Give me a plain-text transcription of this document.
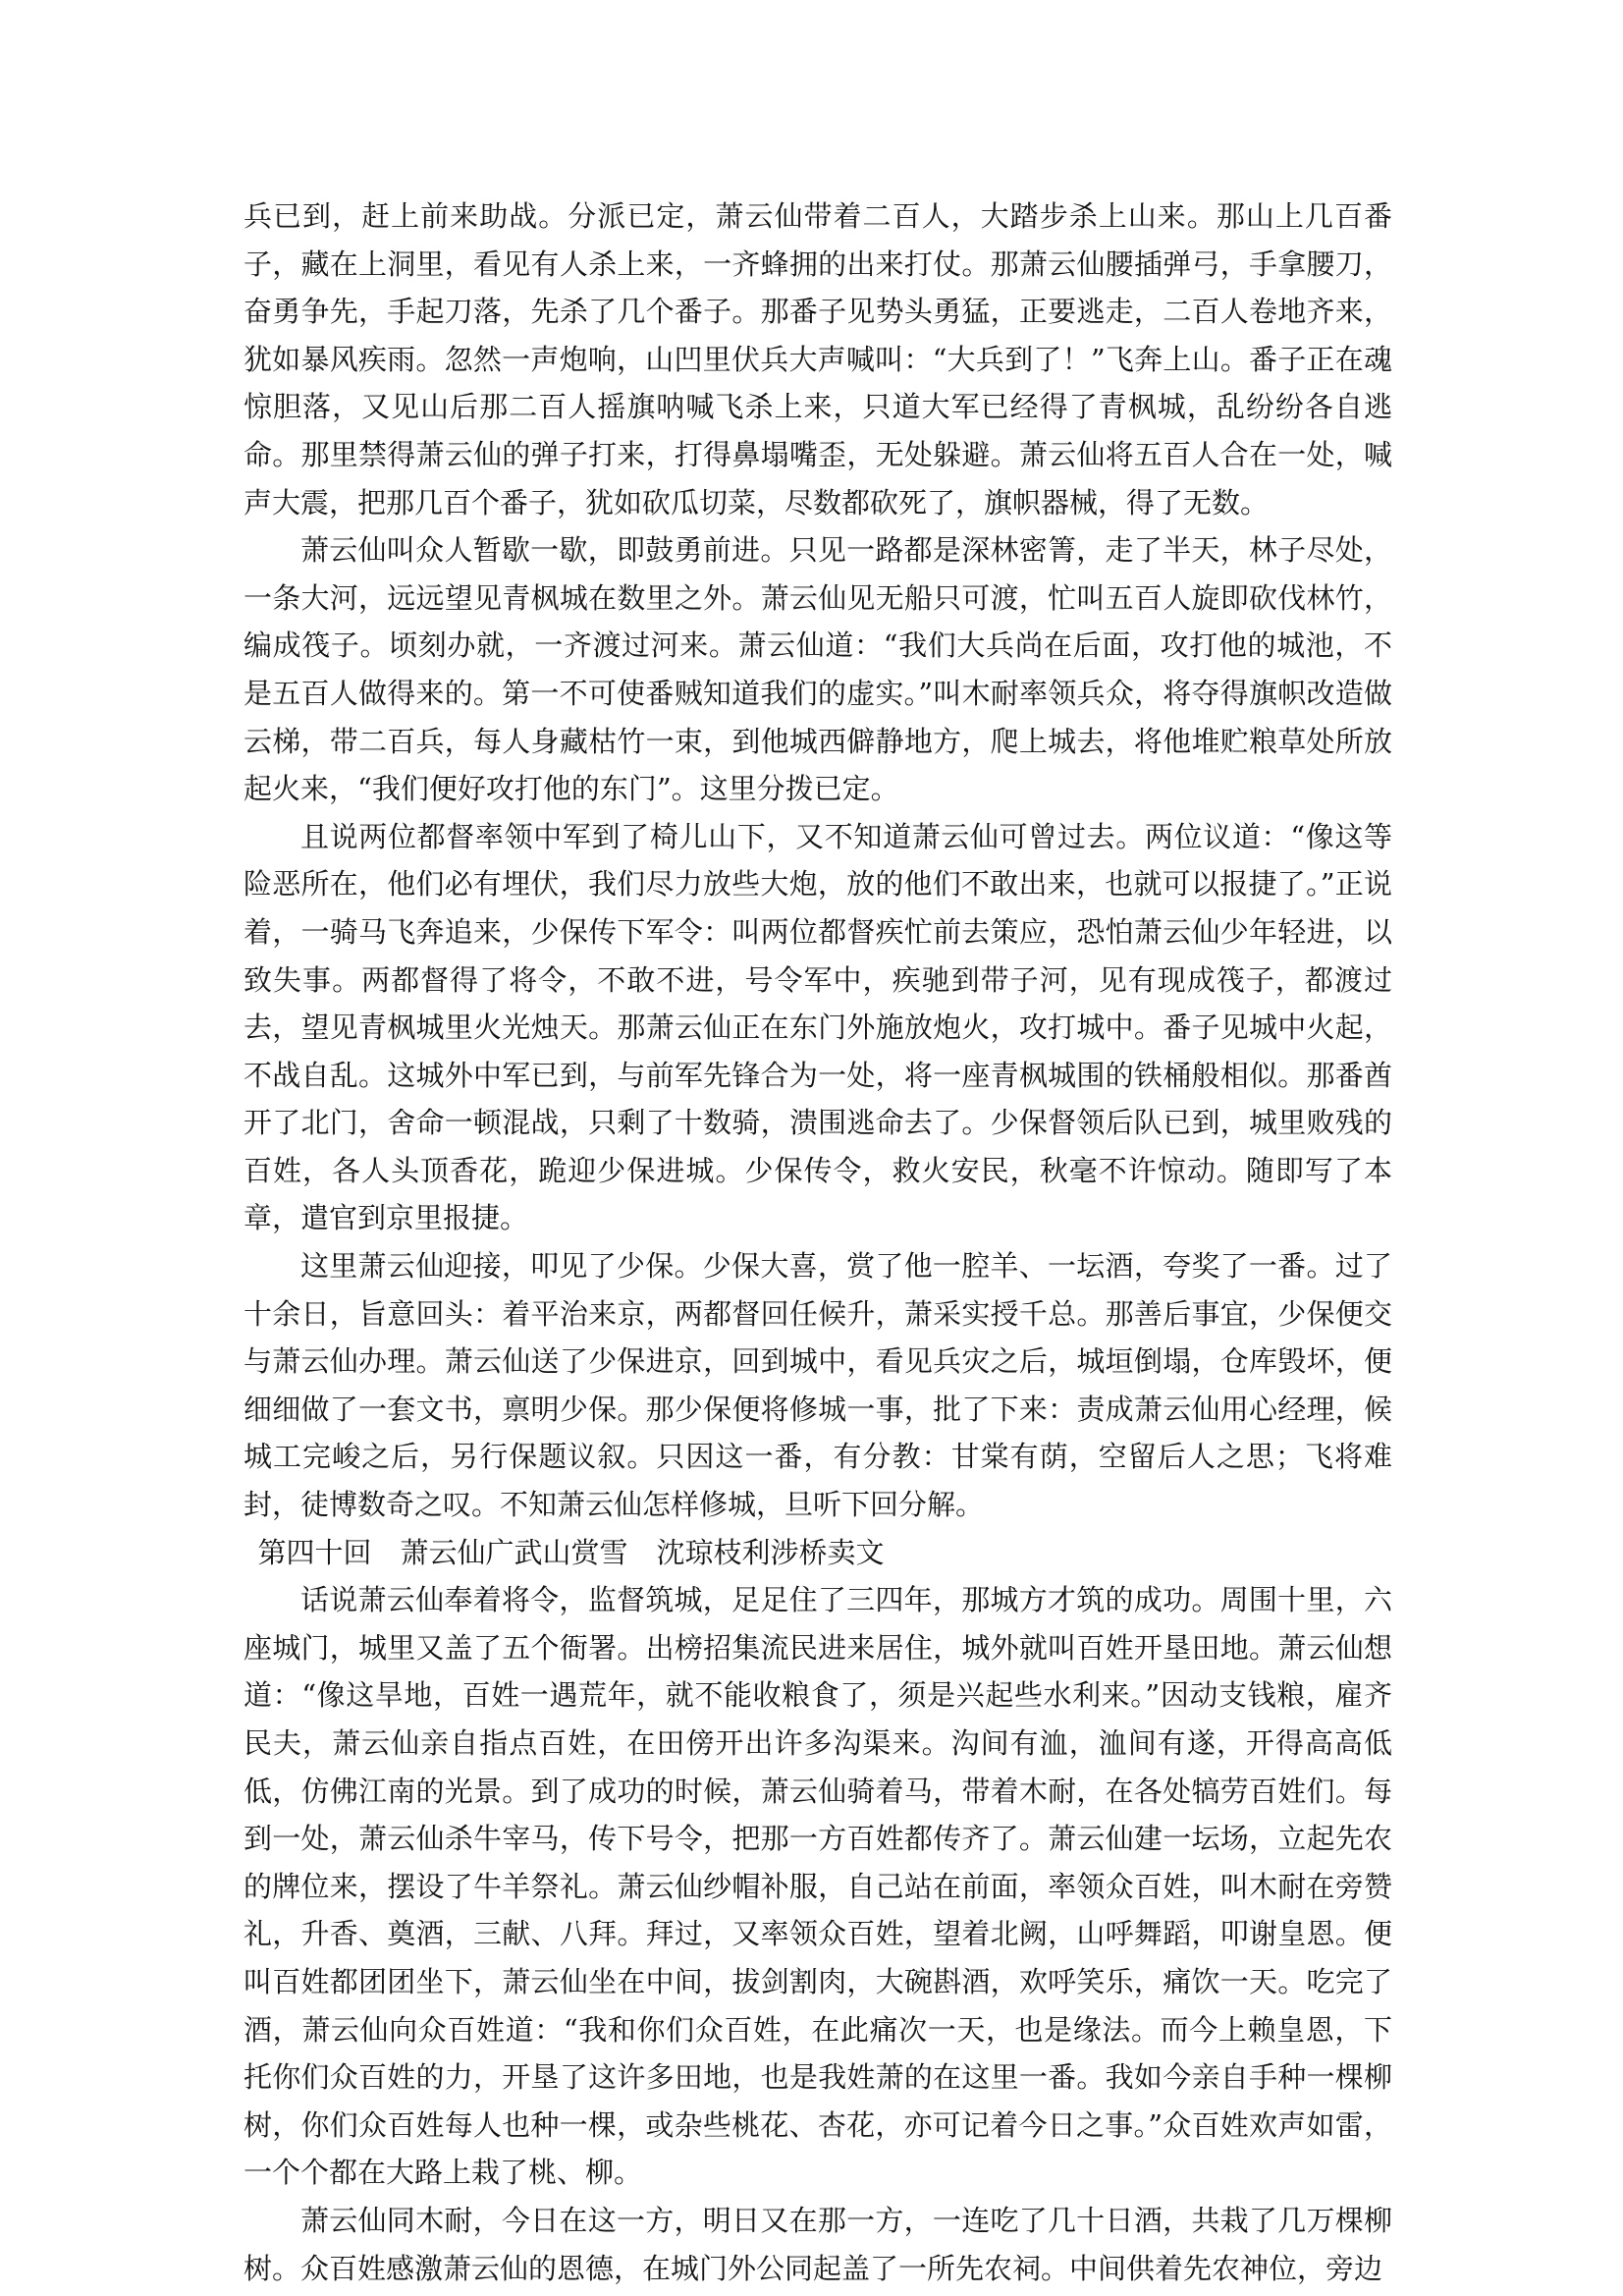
兵已到，赶上前来助战。分派已定，萧云仙带着二百人，大踏步杀上山来。那山上几百番子，藏在上洞里，看见有人杀上来，一齐蜂拥的出来打仗。那萧云仙腰插弹弓，手拿腰刀，奋勇争先，手起刀落，先杀了几个番子。那番子见势头勇猛，正要逃走，二百人卷地齐来，犹如暴风疾雨。忽然一声炮响，山凹里伏兵大声喊叫：“大兵到了！”飞奔上山。番子正在魂惊胆落，又见山后那二百人摇旗呐喊飞杀上来，只道大军已经得了青枫城，乱纷纷各自逃命。那里禁得萧云仙的弹子打来，打得鼻塌嘴歪，无处躲避。萧云仙将五百人合在一处，喊声大震，把那几百个番子，犹如砍瓜切菜，尽数都砍死了，旗帜器械，得了无数。

萧云仙叫众人暂歇一歇，即鼓勇前进。只见一路都是深林密箐，走了半天，林子尽处，一条大河，远远望见青枫城在数里之外。萧云仙见无船只可渡，忙叫五百人旋即砍伐林竹，编成筏子。顷刻办就，一齐渡过河来。萧云仙道：“我们大兵尚在后面，攻打他的城池，不是五百人做得来的。第一不可使番贼知道我们的虚实。”叫木耐率领兵众，将夺得旗帜改造做云梯，带二百兵，每人身藏枯竹一束，到他城西僻静地方，爬上城去，将他堆贮粮草处所放起火来，“我们便好攻打他的东门”。这里分拨已定。

且说两位都督率领中军到了椅儿山下，又不知道萧云仙可曾过去。两位议道：“像这等险恶所在，他们必有埋伏，我们尽力放些大炮，放的他们不敢出来，也就可以报捷了。”正说着，一骑马飞奔追来，少保传下军令：叫两位都督疾忙前去策应，恐怕萧云仙少年轻进，以致失事。两都督得了将令，不敢不进，号令军中，疾驰到带子河，见有现成筏子，都渡过去，望见青枫城里火光烛天。那萧云仙正在东门外施放炮火，攻打城中。番子见城中火起，不战自乱。这城外中军已到，与前军先锋合为一处，将一座青枫城围的铁桶般相似。那番酋开了北门，舍命一顿混战，只剩了十数骑，溃围逃命去了。少保督领后队已到，城里败残的百姓，各人头顶香花，跪迎少保进城。少保传令，救火安民，秋毫不许惊动。随即写了本章，遣官到京里报捷。

这里萧云仙迎接，叩见了少保。少保大喜，赏了他一腔羊、一坛酒，夸奖了一番。过了十余日，旨意回头：着平治来京，两都督回任候升，萧采实授千总。那善后事宜，少保便交与萧云仙办理。萧云仙送了少保进京，回到城中，看见兵灾之后，城垣倒塌，仓库毁坏，便细细做了一套文书，禀明少保。那少保便将修城一事，批了下来：责成萧云仙用心经理，候城工完峻之后，另行保题议叙。只因这一番，有分教：甘棠有荫，空留后人之思；飞将难封，徒博数奇之叹。不知萧云仙怎样修城，旦听下回分解。

第四十回　萧云仙广武山赏雪　沈琼枝利涉桥卖文

话说萧云仙奉着将令，监督筑城，足足住了三四年，那城方才筑的成功。周围十里，六座城门，城里又盖了五个衙署。出榜招集流民进来居住，城外就叫百姓开垦田地。萧云仙想道：“像这旱地，百姓一遇荒年，就不能收粮食了，须是兴起些水利来。”因动支钱粮，雇齐民夫，萧云仙亲自指点百姓，在田傍开出许多沟渠来。沟间有洫，洫间有遂，开得高高低低，仿佛江南的光景。到了成功的时候，萧云仙骑着马，带着木耐，在各处犒劳百姓们。每到一处，萧云仙杀牛宰马，传下号令，把那一方百姓都传齐了。萧云仙建一坛场，立起先农的牌位来，摆设了牛羊祭礼。萧云仙纱帽补服，自己站在前面，率领众百姓，叫木耐在旁赞礼，升香、奠酒，三献、八拜。拜过，又率领众百姓，望着北阙，山呼舞蹈，叩谢皇恩。便叫百姓都团团坐下，萧云仙坐在中间，拔剑割肉，大碗斟酒，欢呼笑乐，痛饮一天。吃完了酒，萧云仙向众百姓道：“我和你们众百姓，在此痛次一天，也是缘法。而今上赖皇恩，下托你们众百姓的力，开垦了这许多田地，也是我姓萧的在这里一番。我如今亲自手种一棵柳树，你们众百姓每人也种一棵，或杂些桃花、杏花，亦可记着今日之事。”众百姓欢声如雷，一个个都在大路上栽了桃、柳。

萧云仙同木耐，今日在这一方，明日又在那一方，一连吃了几十日酒，共栽了几万棵柳树。众百姓感激萧云仙的恩德，在城门外公同起盖了一所先农祠。中间供着先农神位，旁边
